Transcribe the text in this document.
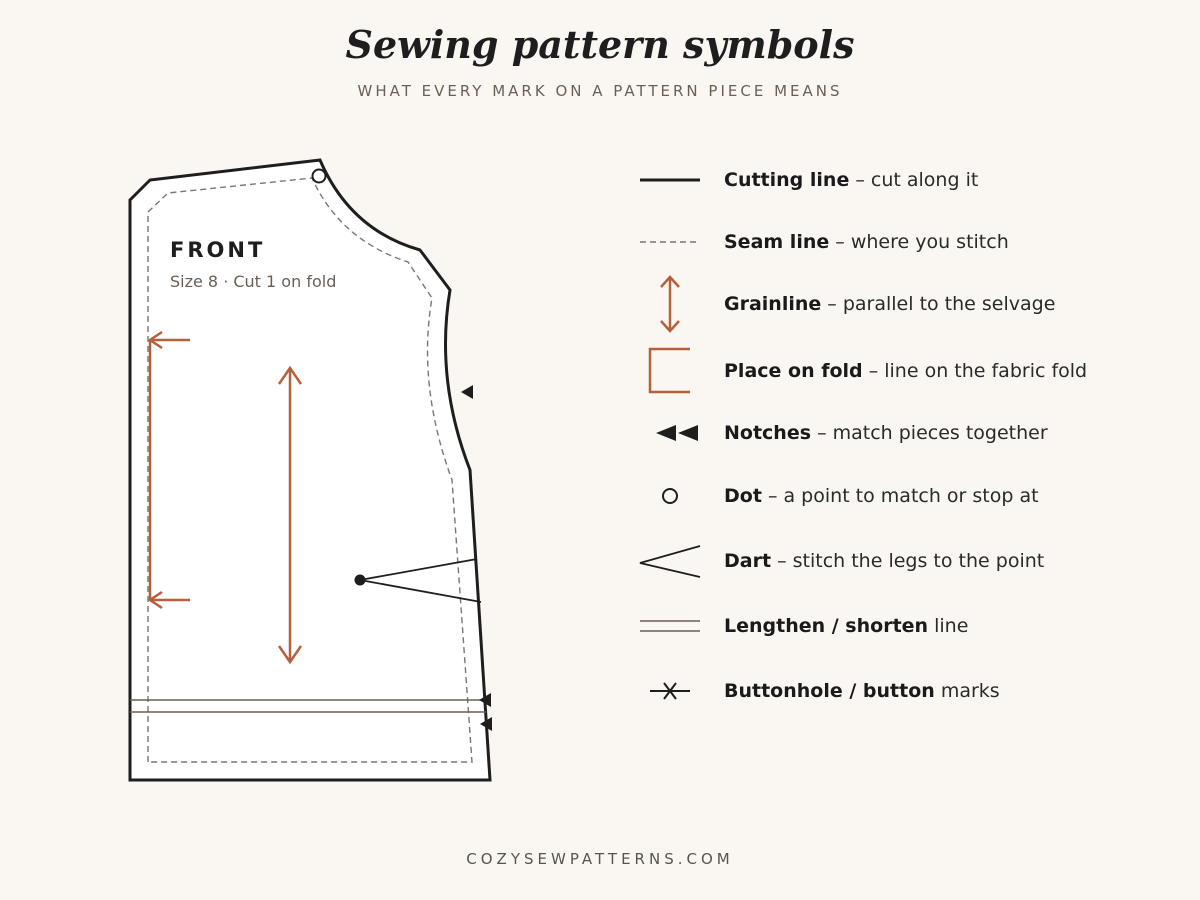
Sewing pattern symbols
WHAT EVERY MARK ON A PATTERN PIECE MEANS
FRONT
Size 8 · Cut 1 on fold
Cutting line – cut along it
Seam line – where you stitch
Grainline – parallel to the selvage
Place on fold – line on the fabric fold
Notches – match pieces together
Dot – a point to match or stop at
Dart – stitch the legs to the point
Lengthen / shorten line
Buttonhole / button marks
COZYSEWPATTERNS.COM
